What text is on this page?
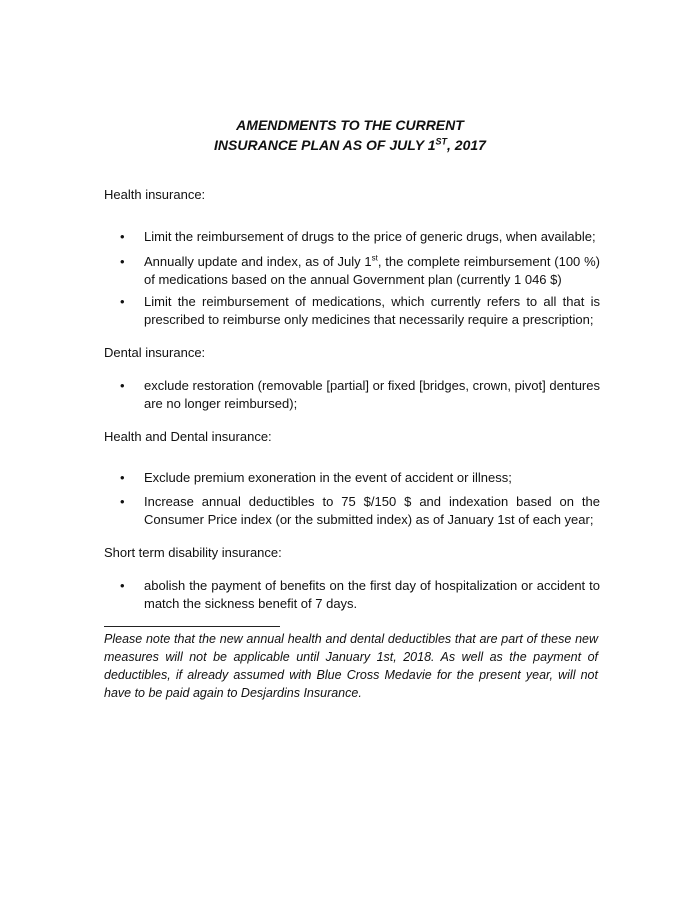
AMENDMENTS TO THE CURRENT
INSURANCE PLAN AS OF JULY 1ST, 2017
Health insurance:
•	Limit the reimbursement of drugs to the price of generic drugs, when available;
•	Annually update and index, as of July 1st, the complete reimbursement (100 %) of medications based on the annual Government plan (currently 1 046 $)
•	Limit the reimbursement of medications, which currently refers to all that is prescribed to reimburse only medicines that necessarily require a prescription;
Dental insurance:
•	exclude restoration (removable [partial] or fixed [bridges, crown, pivot] dentures are no longer reimbursed);
Health and Dental insurance:
•	Exclude premium exoneration in the event of accident or illness;
•	Increase annual deductibles to 75 $/150 $ and indexation based on the Consumer Price index (or the submitted index) as of January 1st of each year;
Short term disability insurance:
•	abolish the payment of benefits on the first day of hospitalization or accident to match the sickness benefit of 7 days.
Please note that the new annual health and dental deductibles that are part of these new measures will not be applicable until January 1st, 2018. As well as the payment of deductibles, if already assumed with Blue Cross Medavie for the present year, will not have to be paid again to Desjardins Insurance.
